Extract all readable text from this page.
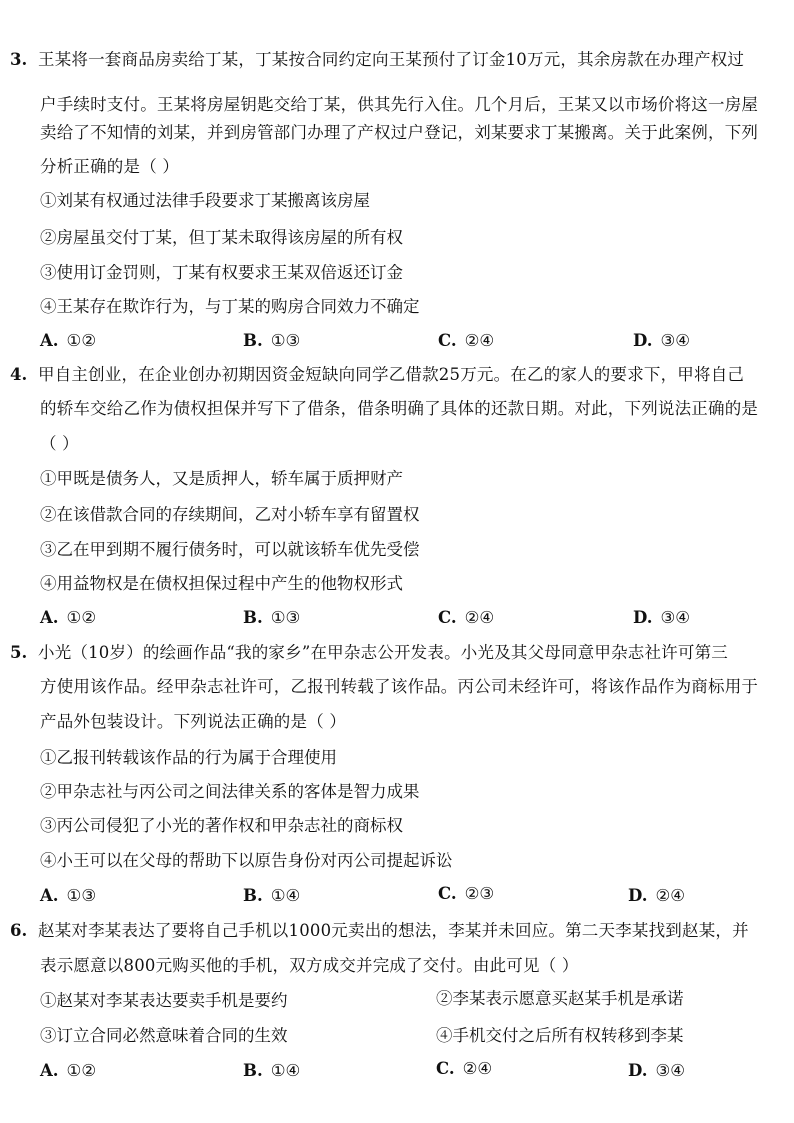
3. 王某将一套商品房卖给丁某，丁某按合同约定向王某预付了订金10万元，其余房款在办理产权过
户手续时支付。王某将房屋钥匙交给丁某，供其先行入住。几个月后，王某又以市场价将这一房屋
卖给了不知情的刘某，并到房管部门办理了产权过户登记，刘某要求丁某搬离。关于此案例，下列
分析正确的是（ ）
①刘某有权通过法律手段要求丁某搬离该房屋
②房屋虽交付丁某，但丁某未取得该房屋的所有权
③使用订金罚则，丁某有权要求王某双倍返还订金
④王某存在欺诈行为，与丁某的购房合同效力不确定
A. ①②	B. ①③	C. ②④	D. ③④
4. 甲自主创业，在企业创办初期因资金短缺向同学乙借款25万元。在乙的家人的要求下，甲将自己
的轿车交给乙作为债权担保并写下了借条，借条明确了具体的还款日期。对此，下列说法正确的是
（ ）
①甲既是债务人，又是质押人，轿车属于质押财产
②在该借款合同的存续期间，乙对小轿车享有留置权
③乙在甲到期不履行债务时，可以就该轿车优先受偿
④用益物权是在债权担保过程中产生的他物权形式
A. ①②	B. ①③	C. ②④	D. ③④
5. 小光（10岁）的绘画作品“我的家乡”在甲杂志公开发表。小光及其父母同意甲杂志社许可第三
方使用该作品。经甲杂志社许可，乙报刊转载了该作品。丙公司未经许可，将该作品作为商标用于
产品外包装设计。下列说法正确的是（ ）
①乙报刊转载该作品的行为属于合理使用
②甲杂志社与丙公司之间法律关系的客体是智力成果
③丙公司侵犯了小光的著作权和甲杂志社的商标权
④小王可以在父母的帮助下以原告身份对丙公司提起诉讼
A. ①③	B. ①④	C. ②③	D. ②④
6. 赵某对李某表达了要将自己手机以1000元卖出的想法，李某并未回应。第二天李某找到赵某，并
表示愿意以800元购买他的手机，双方成交并完成了交付。由此可见（ ）
①赵某对李某表达要卖手机是要约	②李某表示愿意买赵某手机是承诺
③订立合同必然意味着合同的生效	④手机交付之后所有权转移到李某
A. ①②	B. ①④	C. ②④	D. ③④
